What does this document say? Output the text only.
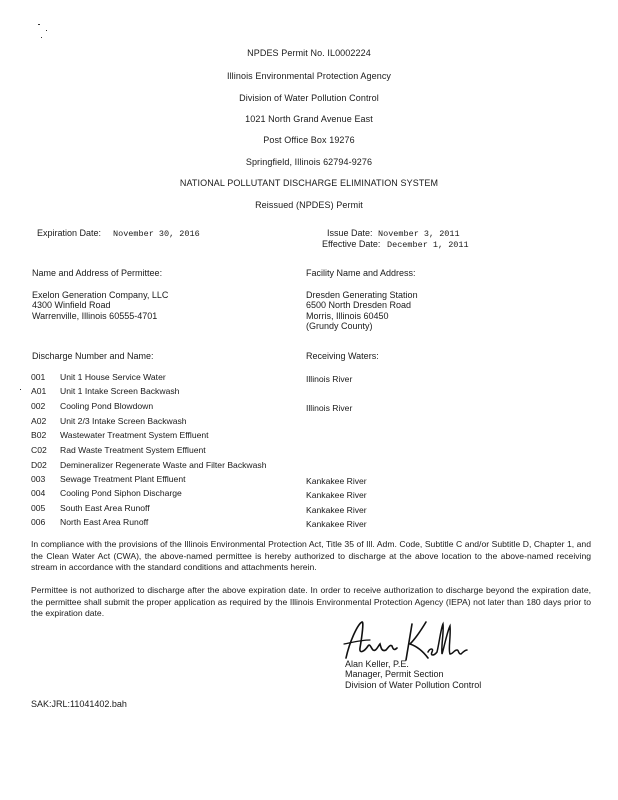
NPDES Permit No. IL0002224
Illinois Environmental Protection Agency
Division of Water Pollution Control
1021 North Grand Avenue East
Post Office Box 19276
Springfield, Illinois 62794-9276
NATIONAL POLLUTANT DISCHARGE ELIMINATION SYSTEM
Reissued (NPDES) Permit
Expiration Date: November 30, 2016	Issue Date: November 3, 2011
Effective Date: December 1, 2011
Name and Address of Permittee:
Exelon Generation Company, LLC
4300 Winfield Road
Warrenville, Illinois 60555-4701
Facility Name and Address:
Dresden Generating Station
6500 North Dresden Road
Morris, Illinois 60450
(Grundy County)
Discharge Number and Name:	Receiving Waters:
001	Unit 1 House Service Water	Illinois River
A01	Unit 1 Intake Screen Backwash
002	Cooling Pond Blowdown	Illinois River
A02	Unit 2/3 Intake Screen Backwash
B02	Wastewater Treatment System Effluent
C02	Rad Waste Treatment System Effluent
D02	Demineralizer Regenerate Waste and Filter Backwash
003	Sewage Treatment Plant Effluent	Kankakee River
004	Cooling Pond Siphon Discharge	Kankakee River
005	South East Area Runoff	Kankakee River
006	North East Area Runoff	Kankakee River
In compliance with the provisions of the Illinois Environmental Protection Act, Title 35 of Ill. Adm. Code, Subtitle C and/or Subtitle D, Chapter 1, and the Clean Water Act (CWA), the above-named permittee is hereby authorized to discharge at the above location to the above-named receiving stream in accordance with the standard conditions and attachments herein.
Permittee is not authorized to discharge after the above expiration date. In order to receive authorization to discharge beyond the expiration date, the permittee shall submit the proper application as required by the Illinois Environmental Protection Agency (IEPA) not later than 180 days prior to the expiration date.
Alan Keller, P.E.
Manager, Permit Section
Division of Water Pollution Control
SAK:JRL:11041402.bah
